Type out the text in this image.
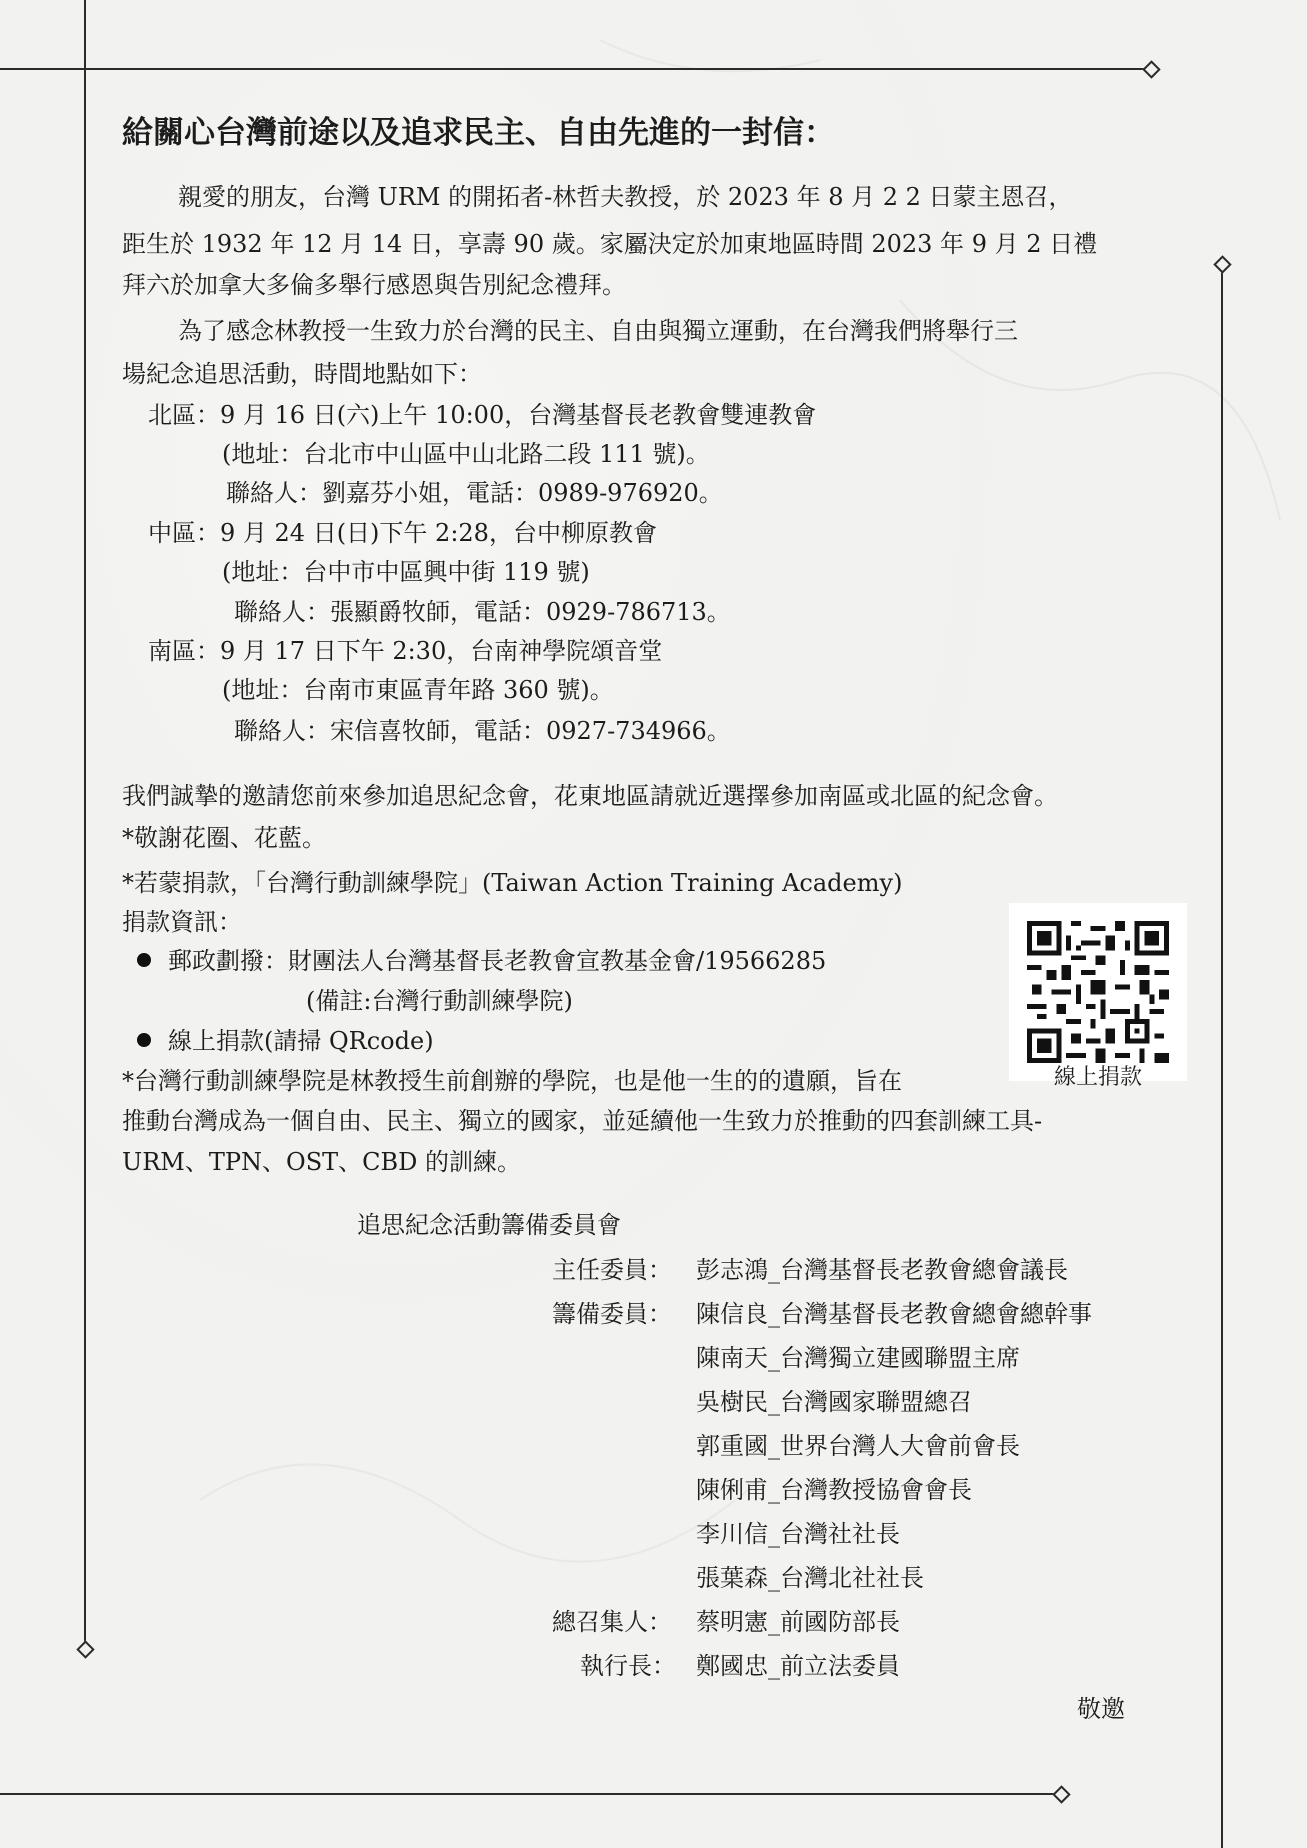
給關心台灣前途以及追求民主、自由先進的一封信：
親愛的朋友，台灣 URM 的開拓者-林哲夫教授，於 2023 年 8 月 2 2 日蒙主恩召，
距生於 1932 年 12 月 14 日，享壽 90 歲。家屬決定於加東地區時間 2023 年 9 月 2 日禮
拜六於加拿大多倫多舉行感恩與告別紀念禮拜。
為了感念林教授一生致力於台灣的民主、自由與獨立運動，在台灣我們將舉行三
場紀念追思活動，時間地點如下：
北區：9 月 16 日(六)上午 10:00，台灣基督長老教會雙連教會
(地址：台北市中山區中山北路二段 111 號)。
聯絡人：劉嘉芬小姐，電話：0989-976920。
中區：9 月 24 日(日)下午 2:28，台中柳原教會
(地址：台中市中區興中街 119 號)
聯絡人：張顯爵牧師，電話：0929-786713。
南區：9 月 17 日下午 2:30，台南神學院頌音堂
(地址：台南市東區青年路 360 號)。
聯絡人：宋信喜牧師，電話：0927-734966。
我們誠摯的邀請您前來參加追思紀念會，花東地區請就近選擇參加南區或北區的紀念會。
*敬謝花圈、花藍。
*若蒙捐款，「台灣行動訓練學院」(Taiwan Action Training Academy)
捐款資訊：
郵政劃撥：財團法人台灣基督長老教會宣教基金會/19566285
(備註:台灣行動訓練學院)
線上捐款(請掃 QRcode)
線上捐款
*台灣行動訓練學院是林教授生前創辦的學院，也是他一生的的遺願，旨在
推動台灣成為一個自由、民主、獨立的國家，並延續他一生致力於推動的四套訓練工具-
URM、TPN、OST、CBD 的訓練。
追思紀念活動籌備委員會
主任委員： 彭志鴻_台灣基督長老教會總會議長
籌備委員： 陳信良_台灣基督長老教會總會總幹事
陳南天_台灣獨立建國聯盟主席
吳樹民_台灣國家聯盟總召
郭重國_世界台灣人大會前會長
陳俐甫_台灣教授協會會長
李川信_台灣社社長
張葉森_台灣北社社長
總召集人： 蔡明憲_前國防部長
執行長： 鄭國忠_前立法委員
敬邀
